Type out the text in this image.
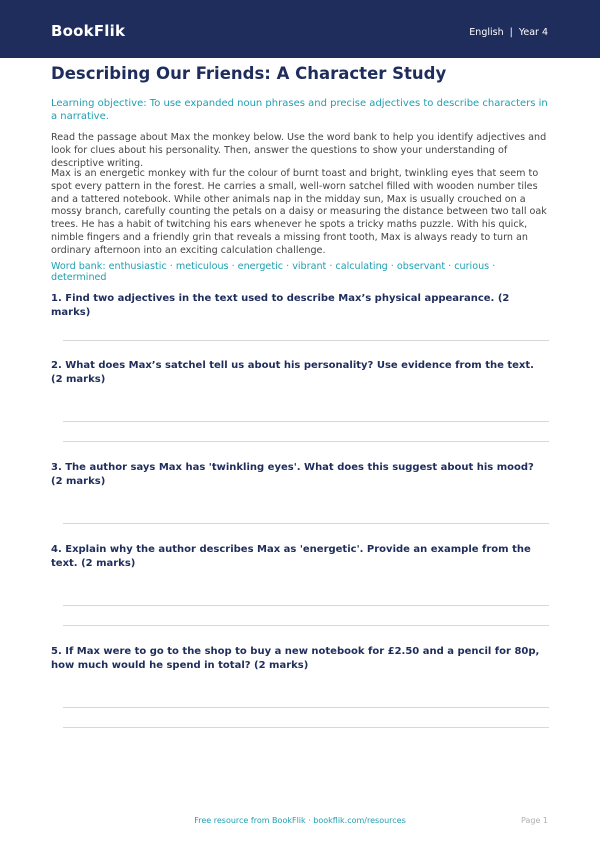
BookFlik	English | Year 4
Describing Our Friends: A Character Study

Learning objective: To use expanded noun phrases and precise adjectives to describe characters in a narrative.

Read the passage about Max the monkey below. Use the word bank to help you identify adjectives and look for clues about his personality. Then, answer the questions to show your understanding of descriptive writing.

Max is an energetic monkey with fur the colour of burnt toast and bright, twinkling eyes that seem to spot every pattern in the forest. He carries a small, well-worn satchel filled with wooden number tiles and a tattered notebook. While other animals nap in the midday sun, Max is usually crouched on a mossy branch, carefully counting the petals on a daisy or measuring the distance between two tall oak trees. He has a habit of twitching his ears whenever he spots a tricky maths puzzle. With his quick, nimble fingers and a friendly grin that reveals a missing front tooth, Max is always ready to turn an ordinary afternoon into an exciting calculation challenge.

Word bank: enthusiastic · meticulous · energetic · vibrant · calculating · observant · curious · determined

1. Find two adjectives in the text used to describe Max’s physical appearance. (2 marks)

2. What does Max’s satchel tell us about his personality? Use evidence from the text. (2 marks)

3. The author says Max has 'twinkling eyes'. What does this suggest about his mood? (2 marks)

4. Explain why the author describes Max as 'energetic'. Provide an example from the text. (2 marks)

5. If Max were to go to the shop to buy a new notebook for £2.50 and a pencil for 80p, how much would he spend in total? (2 marks)

Free resource from BookFlik · bookflik.com/resources	Page 1
